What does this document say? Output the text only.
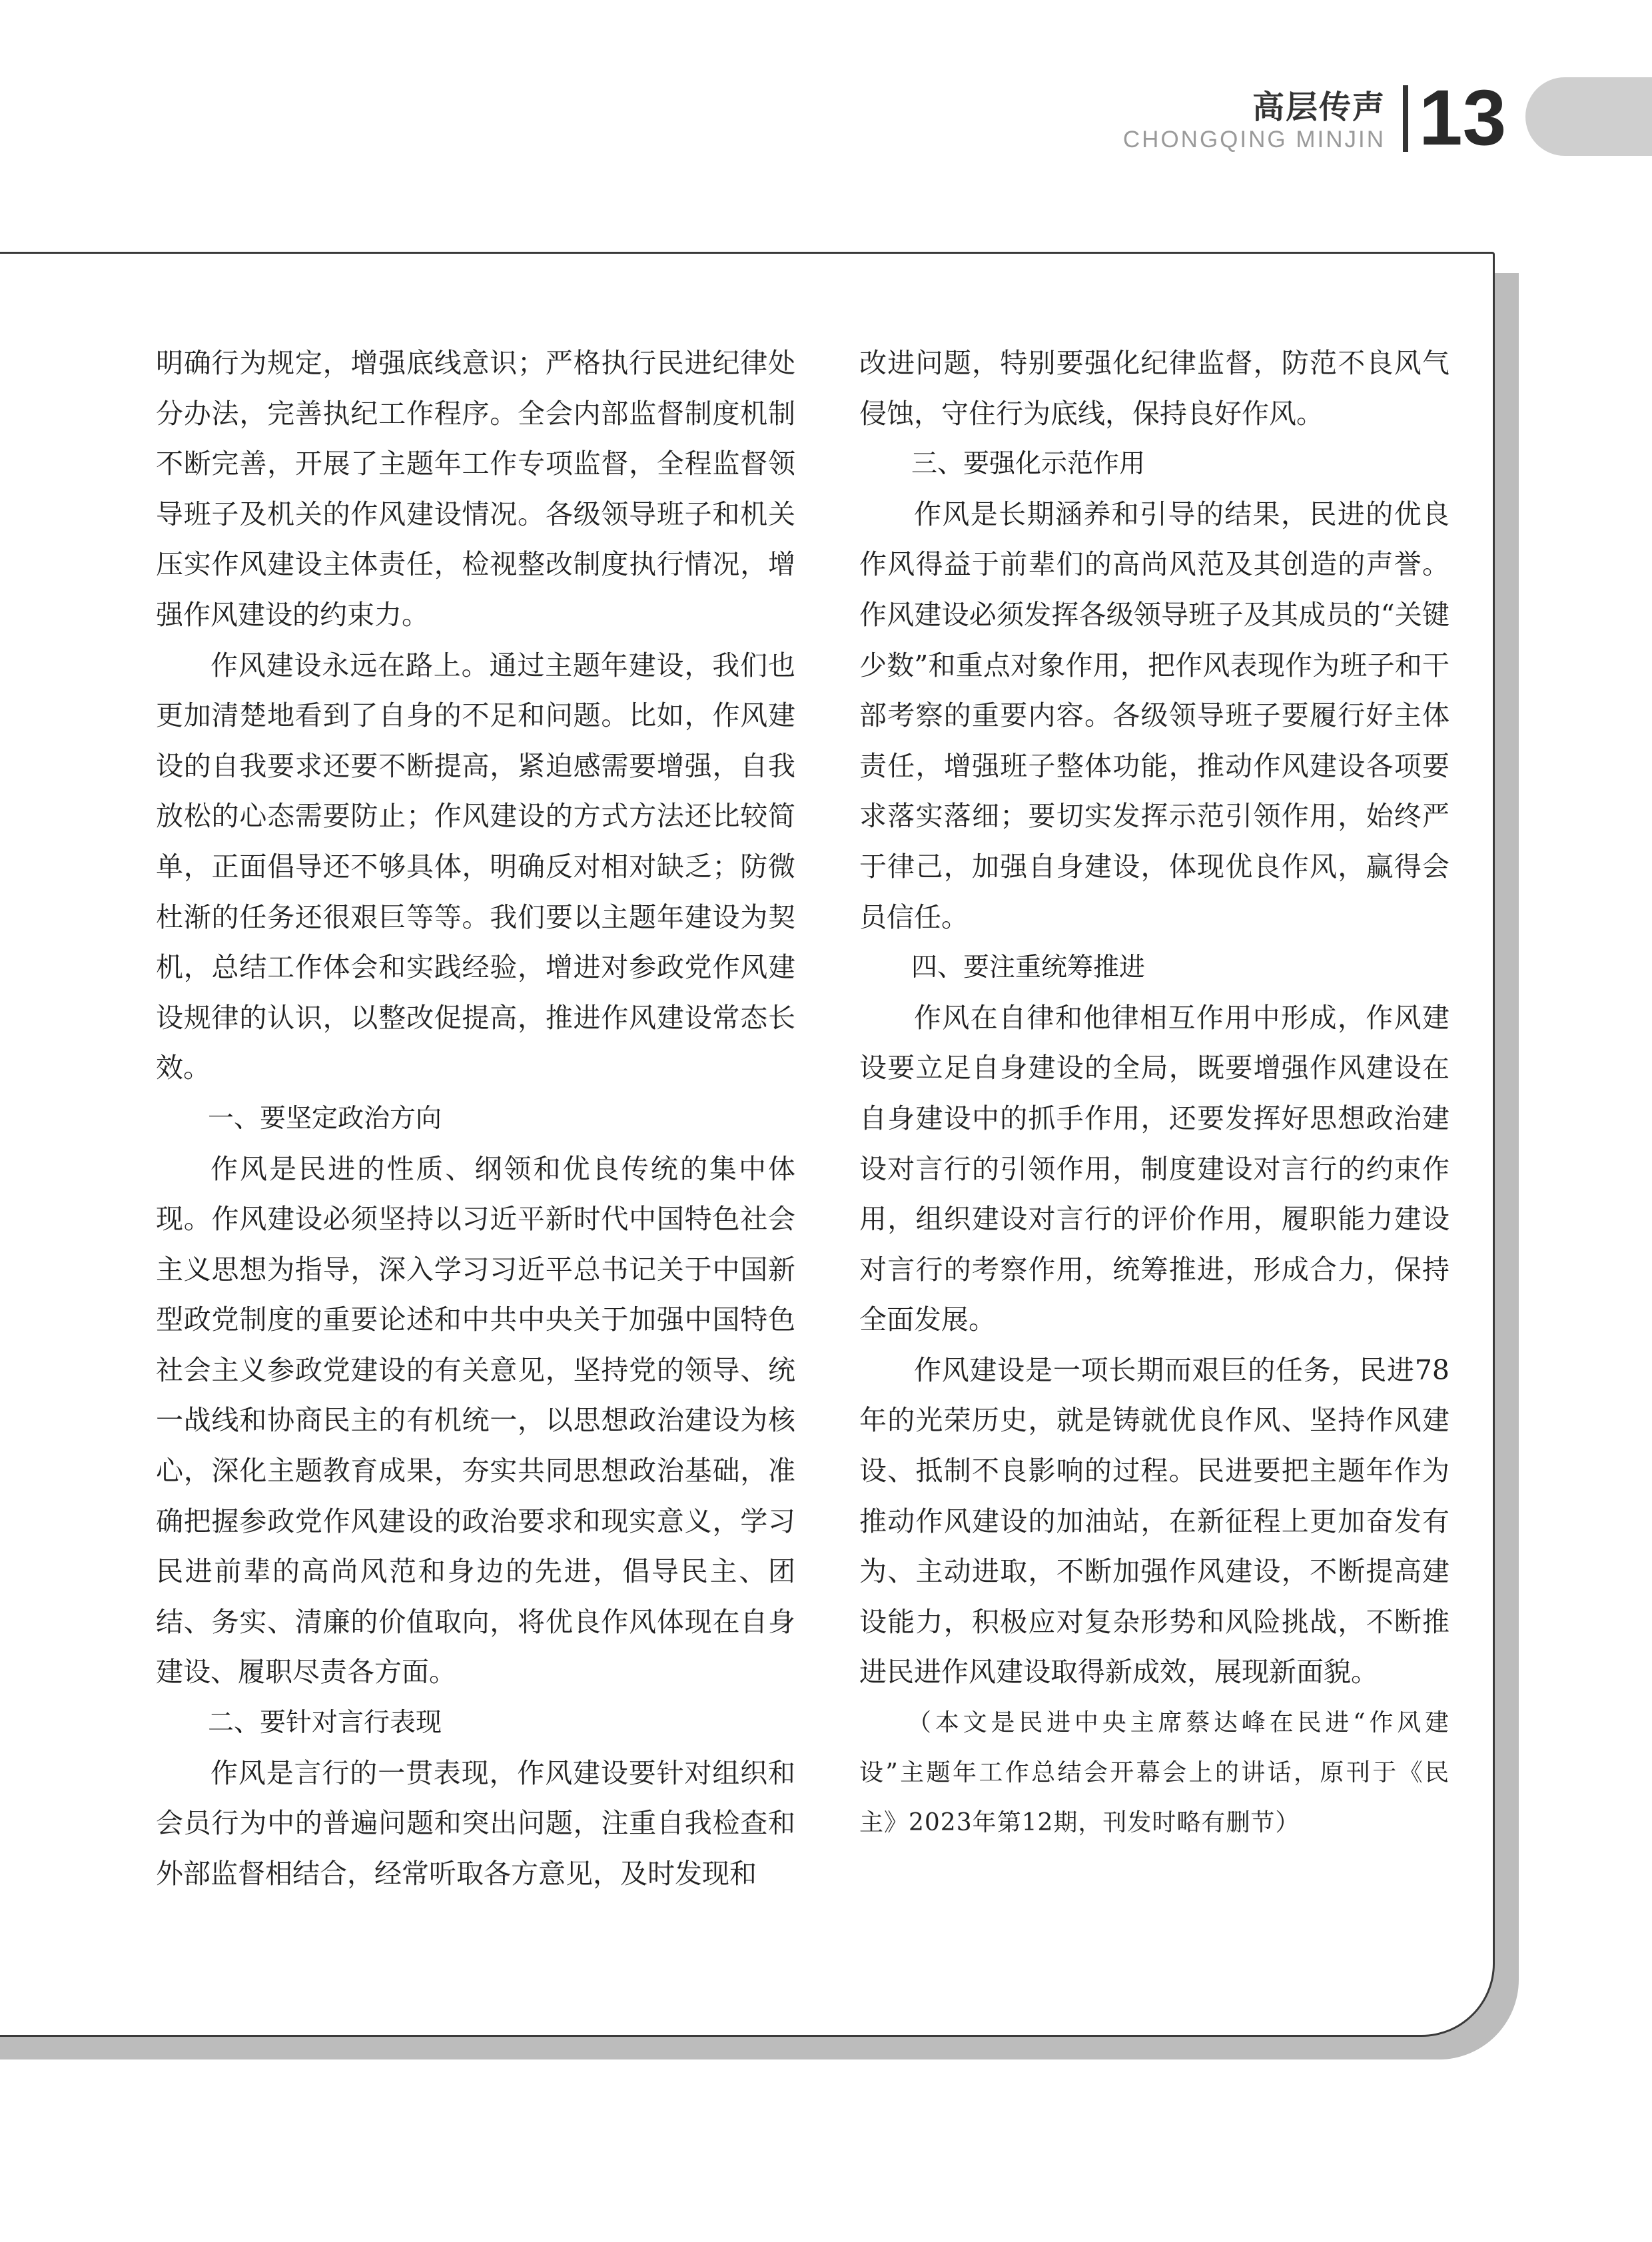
高层传声
CHONGQING MINJIN 13

明确行为规定，增强底线意识；严格执行民进纪律处分办法，完善执纪工作程序。全会内部监督制度机制不断完善，开展了主题年工作专项监督，全程监督领导班子及机关的作风建设情况。各级领导班子和机关压实作风建设主体责任，检视整改制度执行情况，增强作风建设的约束力。

作风建设永远在路上。通过主题年建设，我们也更加清楚地看到了自身的不足和问题。比如，作风建设的自我要求还要不断提高，紧迫感需要增强，自我放松的心态需要防止；作风建设的方式方法还比较简单，正面倡导还不够具体，明确反对相对缺乏；防微杜渐的任务还很艰巨等等。我们要以主题年建设为契机，总结工作体会和实践经验，增进对参政党作风建设规律的认识，以整改促提高，推进作风建设常态长效。

一、要坚定政治方向

作风是民进的性质、纲领和优良传统的集中体现。作风建设必须坚持以习近平新时代中国特色社会主义思想为指导，深入学习习近平总书记关于中国新型政党制度的重要论述和中共中央关于加强中国特色社会主义参政党建设的有关意见，坚持党的领导、统一战线和协商民主的有机统一，以思想政治建设为核心，深化主题教育成果，夯实共同思想政治基础，准确把握参政党作风建设的政治要求和现实意义，学习民进前辈的高尚风范和身边的先进，倡导民主、团结、务实、清廉的价值取向，将优良作风体现在自身建设、履职尽责各方面。

二、要针对言行表现

作风是言行的一贯表现，作风建设要针对组织和会员行为中的普遍问题和突出问题，注重自我检查和外部监督相结合，经常听取各方意见，及时发现和

改进问题，特别要强化纪律监督，防范不良风气侵蚀，守住行为底线，保持良好作风。

三、要强化示范作用

作风是长期涵养和引导的结果，民进的优良作风得益于前辈们的高尚风范及其创造的声誉。作风建设必须发挥各级领导班子及其成员的“关键少数”和重点对象作用，把作风表现作为班子和干部考察的重要内容。各级领导班子要履行好主体责任，增强班子整体功能，推动作风建设各项要求落实落细；要切实发挥示范引领作用，始终严于律己，加强自身建设，体现优良作风，赢得会员信任。

四、要注重统筹推进

作风在自律和他律相互作用中形成，作风建设要立足自身建设的全局，既要增强作风建设在自身建设中的抓手作用，还要发挥好思想政治建设对言行的引领作用，制度建设对言行的约束作用，组织建设对言行的评价作用，履职能力建设对言行的考察作用，统筹推进，形成合力，保持全面发展。

作风建设是一项长期而艰巨的任务，民进78年的光荣历史，就是铸就优良作风、坚持作风建设、抵制不良影响的过程。民进要把主题年作为推动作风建设的加油站，在新征程上更加奋发有为、主动进取，不断加强作风建设，不断提高建设能力，积极应对复杂形势和风险挑战，不断推进民进作风建设取得新成效，展现新面貌。

（本文是民进中央主席蔡达峰在民进“作风建设”主题年工作总结会开幕会上的讲话，原刊于《民主》2023年第12期，刊发时略有删节）
